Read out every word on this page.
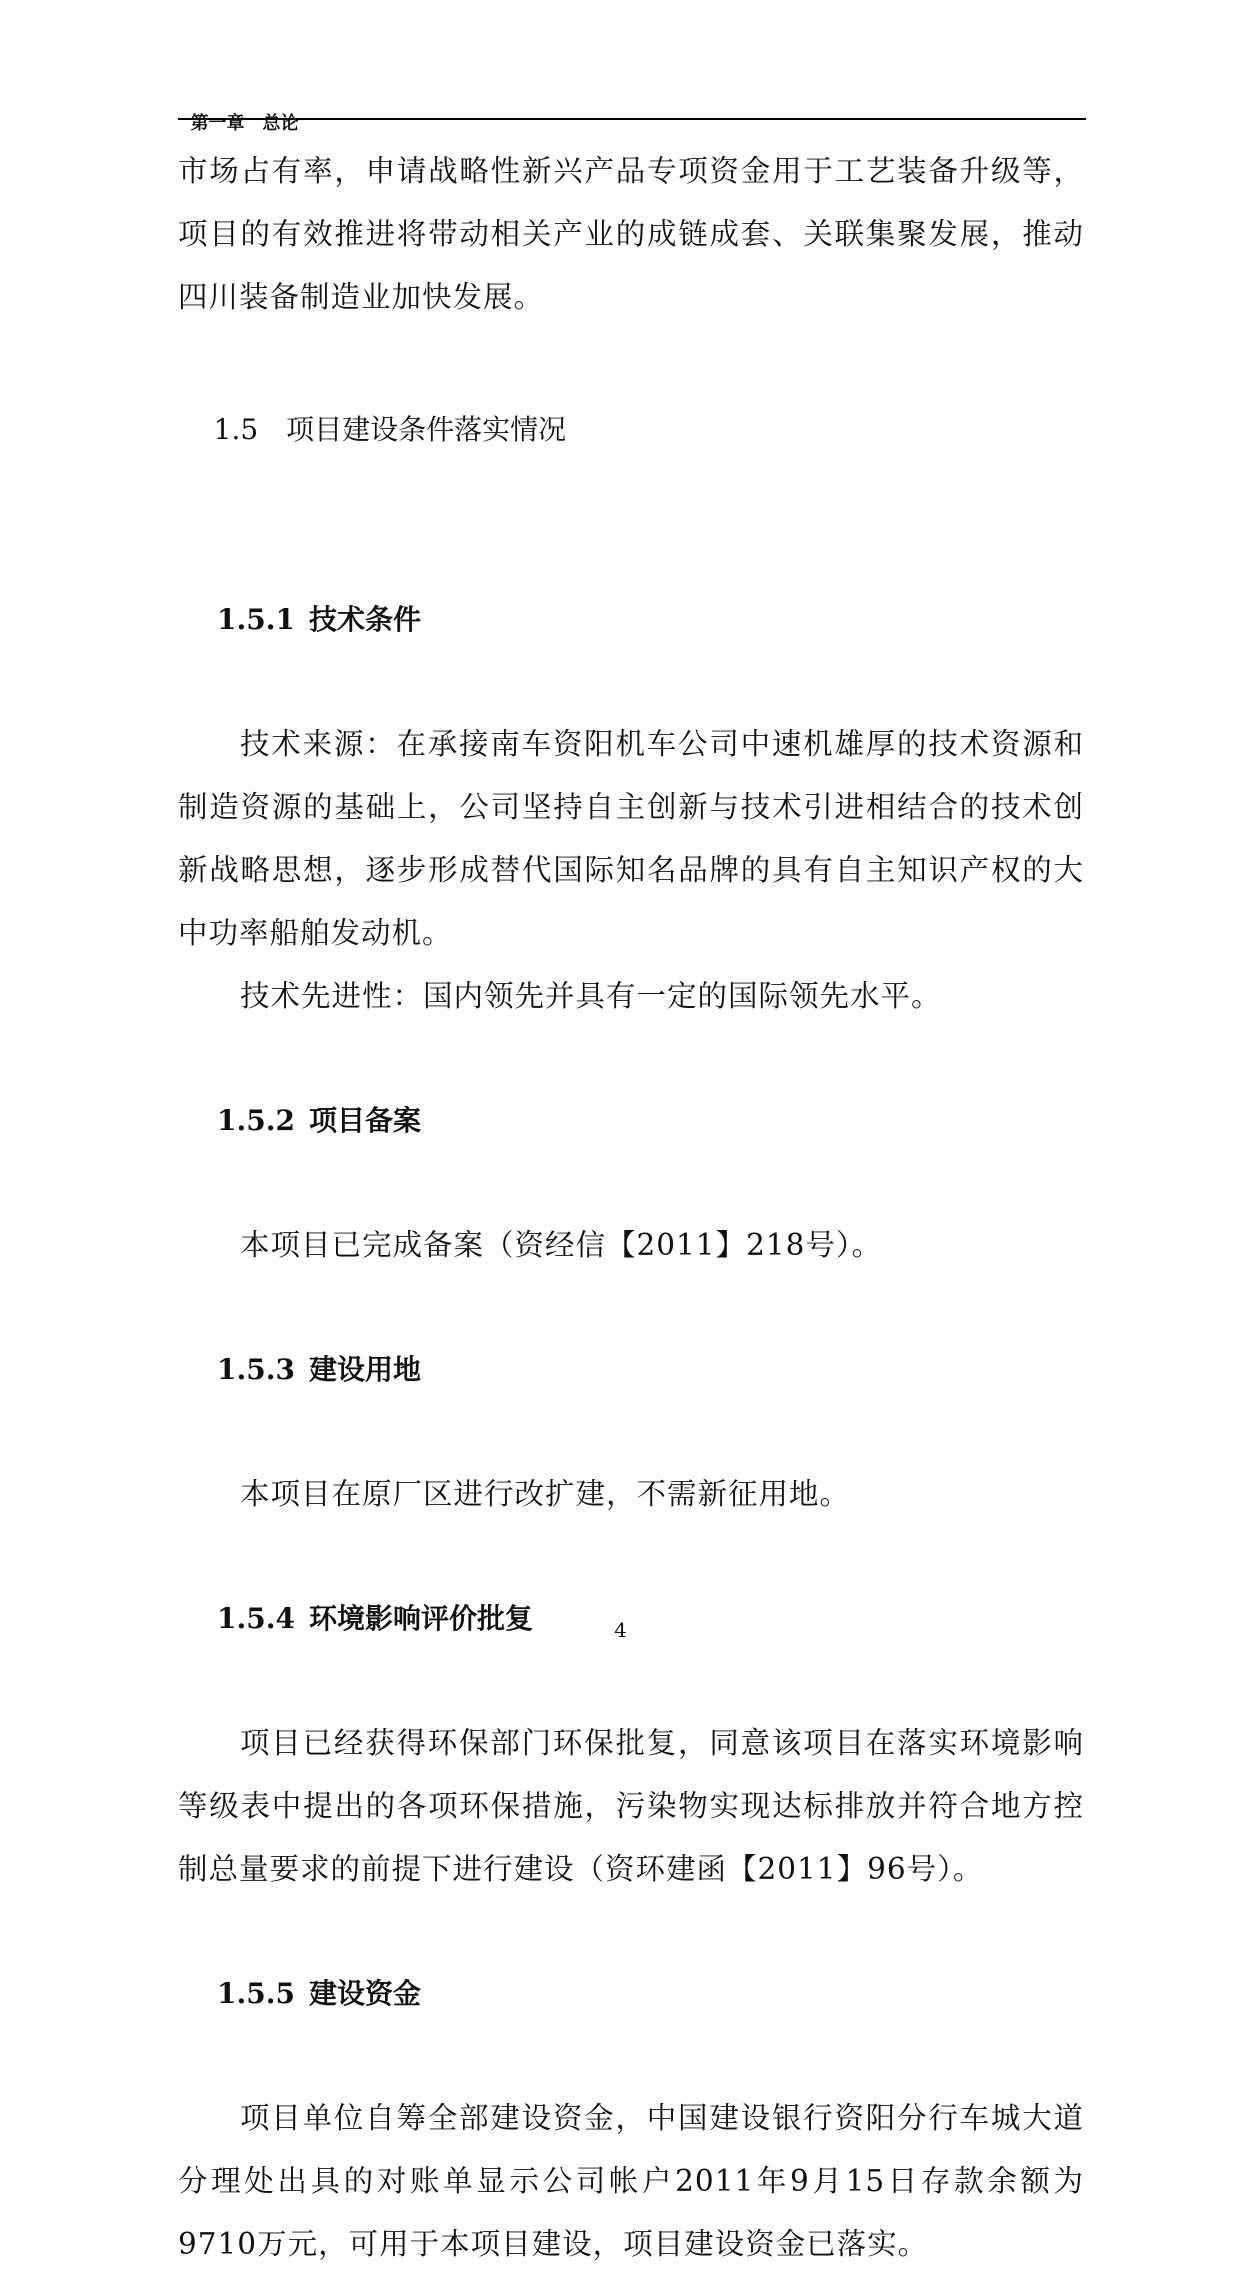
第一章　总论

市场占有率，申请战略性新兴产品专项资金用于工艺装备升级等，项目的有效推进将带动相关产业的成链成套、关联集聚发展，推动四川装备制造业加快发展。

1.5　 项目建设条件落实情况

1.5.1 技术条件

技术来源：在承接南车资阳机车公司中速机雄厚的技术资源和制造资源的基础上，公司坚持自主创新与技术引进相结合的技术创新战略思想，逐步形成替代国际知名品牌的具有自主知识产权的大中功率船舶发动机。

技术先进性：国内领先并具有一定的国际领先水平。

1.5.2 项目备案

本项目已完成备案（资经信【2011】218号）。

1.5.3 建设用地

本项目在原厂区进行改扩建，不需新征用地。

1.5.4 环境影响评价批复

项目已经获得环保部门环保批复，同意该项目在落实环境影响等级表中提出的各项环保措施，污染物实现达标排放并符合地方控制总量要求的前提下进行建设（资环建函【2011】96号）。

1.5.5 建设资金

项目单位自筹全部建设资金，中国建设银行资阳分行车城大道分理处出具的对账单显示公司帐户2011年9月15日存款余额为9710万元，可用于本项目建设，项目建设资金已落实。

4
